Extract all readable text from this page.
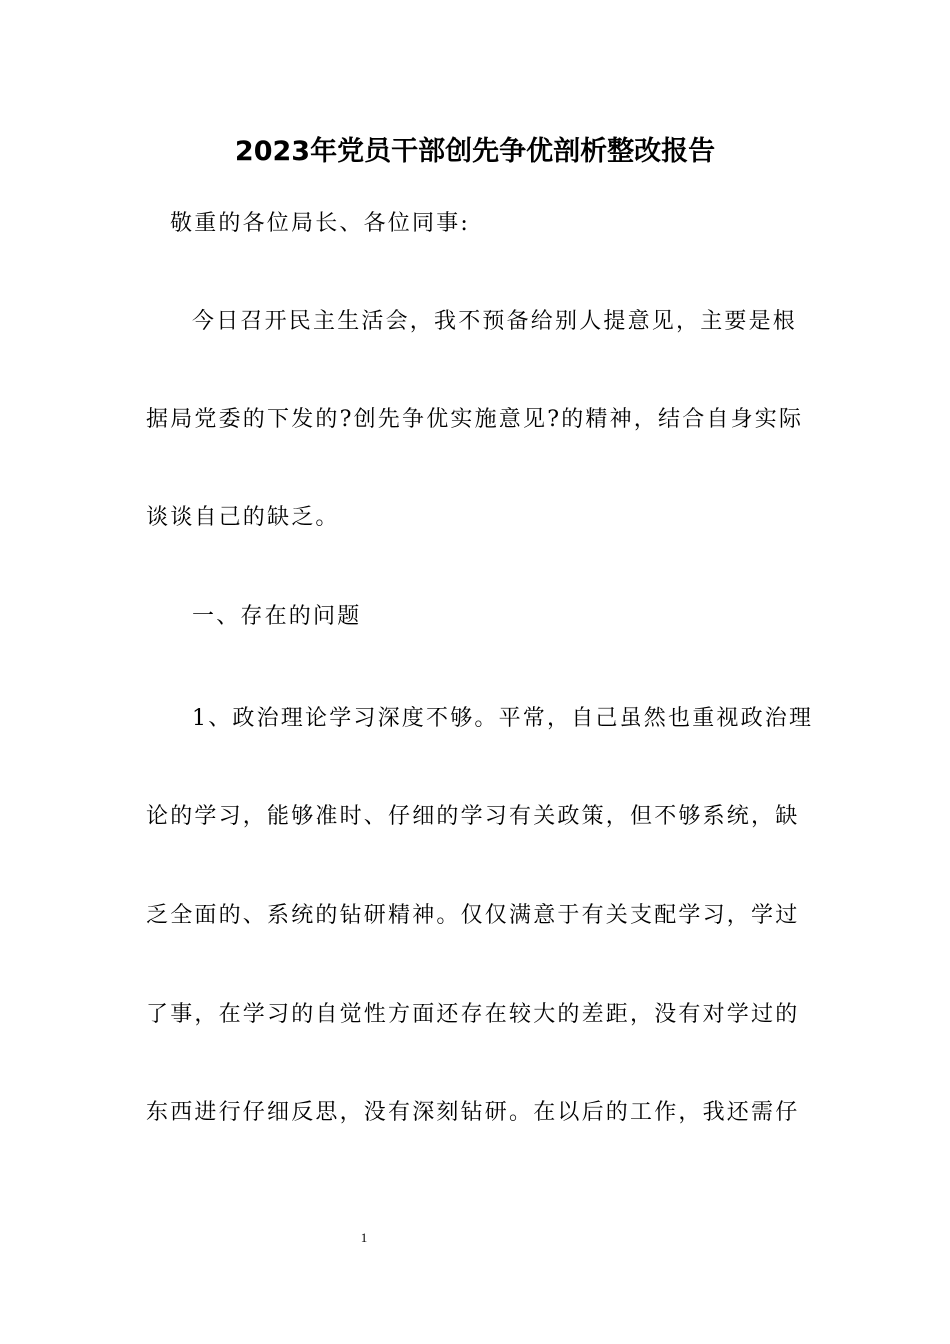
2023年党员干部创先争优剖析整改报告
敬重的各位局长、各位同事:
今日召开民主生活会，我不预备给别人提意见，主要是根
据局党委的下发的?创先争优实施意见?的精神，结合自身实际
谈谈自己的缺乏。
一、存在的问题
1、政治理论学习深度不够。平常，自己虽然也重视政治理
论的学习，能够准时、仔细的学习有关政策，但不够系统，缺
乏全面的、系统的钻研精神。仅仅满意于有关支配学习，学过
了事，在学习的自觉性方面还存在较大的差距，没有对学过的
东西进行仔细反思，没有深刻钻研。在以后的工作，我还需仔
1
